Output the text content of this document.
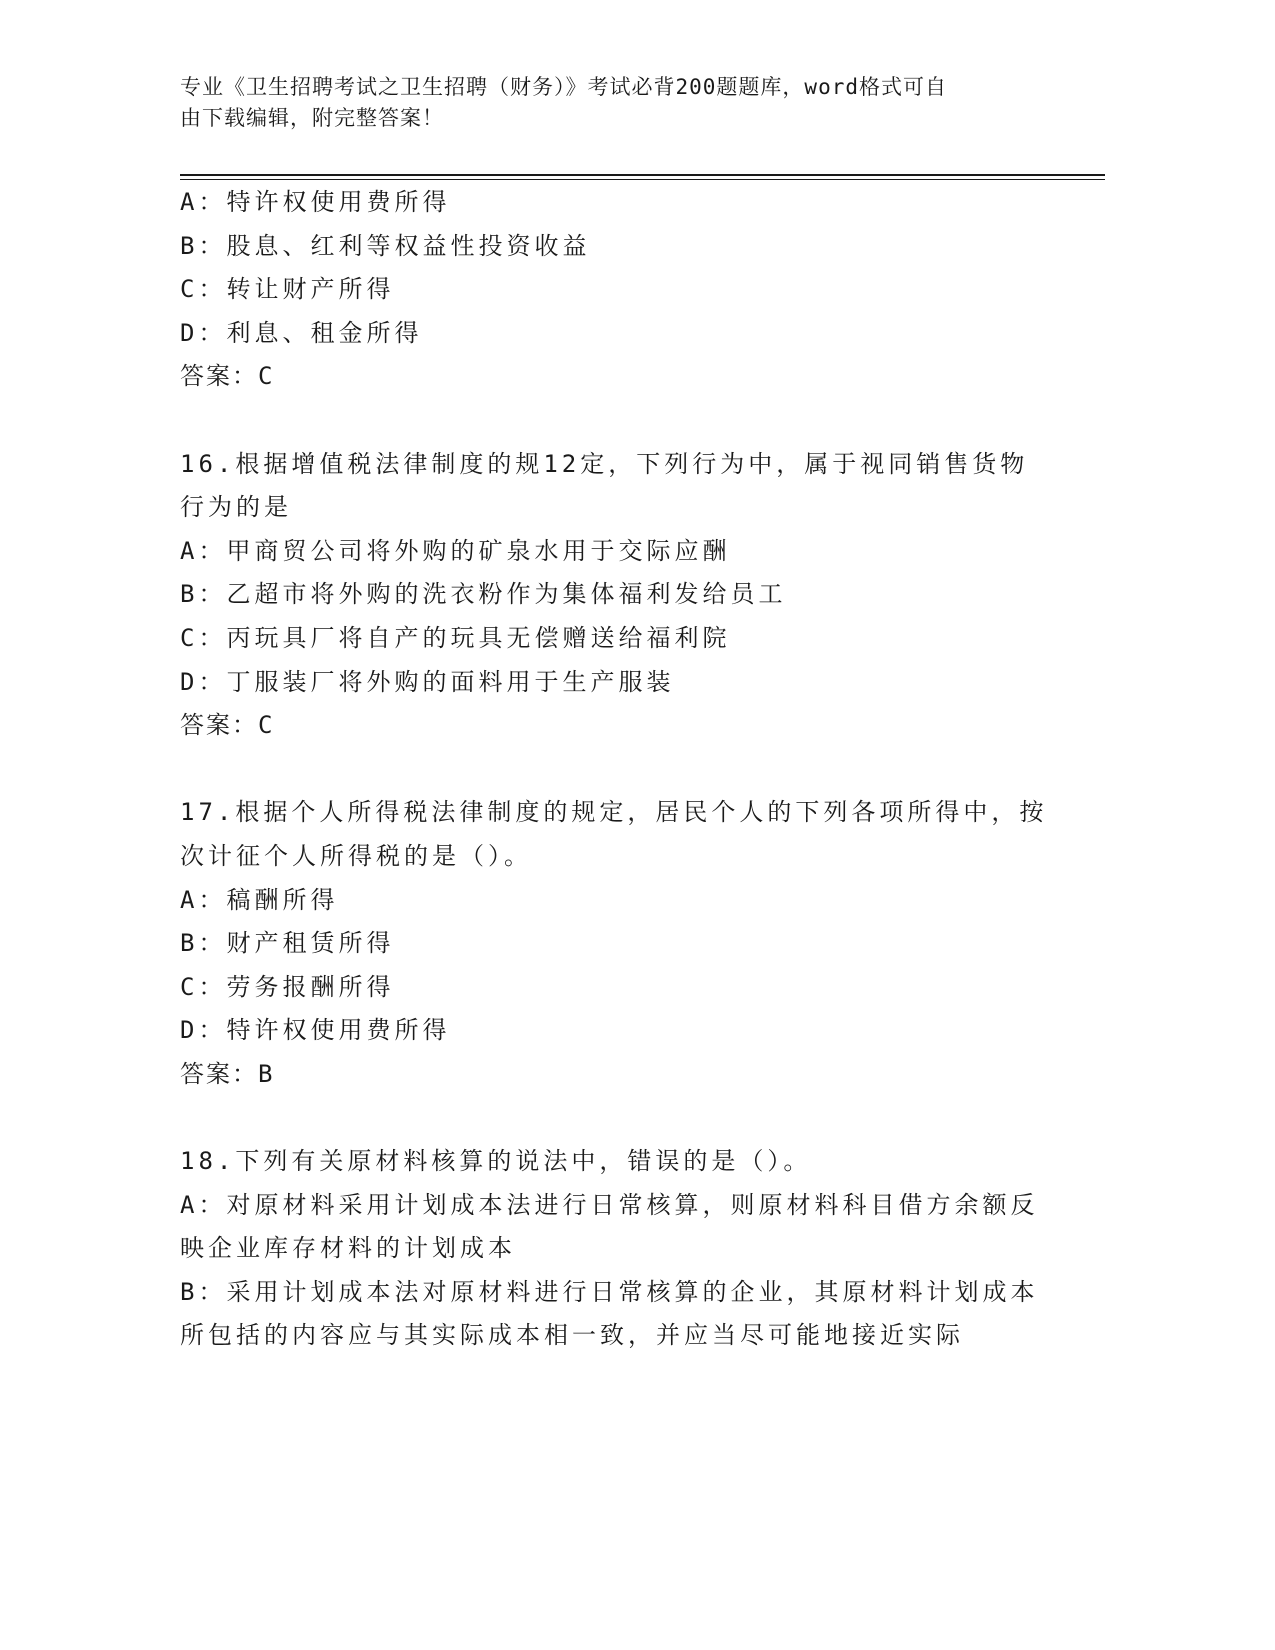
专业《卫生招聘考试之卫生招聘（财务）》考试必背200题题库，word格式可自
由下载编辑，附完整答案！
A：特许权使用费所得
B：股息、红利等权益性投资收益
C：转让财产所得
D：利息、租金所得
答案：C
16.根据增值税法律制度的规12定，下列行为中，属于视同销售货物
行为的是
A：甲商贸公司将外购的矿泉水用于交际应酬
B：乙超市将外购的洗衣粉作为集体福利发给员工
C：丙玩具厂将自产的玩具无偿赠送给福利院
D：丁服装厂将外购的面料用于生产服装
答案：C
17.根据个人所得税法律制度的规定，居民个人的下列各项所得中，按
次计征个人所得税的是（）。
A：稿酬所得
B：财产租赁所得
C：劳务报酬所得
D：特许权使用费所得
答案：B
18.下列有关原材料核算的说法中，错误的是（）。
A：对原材料采用计划成本法进行日常核算，则原材料科目借方余额反
映企业库存材料的计划成本
B：采用计划成本法对原材料进行日常核算的企业，其原材料计划成本
所包括的内容应与其实际成本相一致，并应当尽可能地接近实际
